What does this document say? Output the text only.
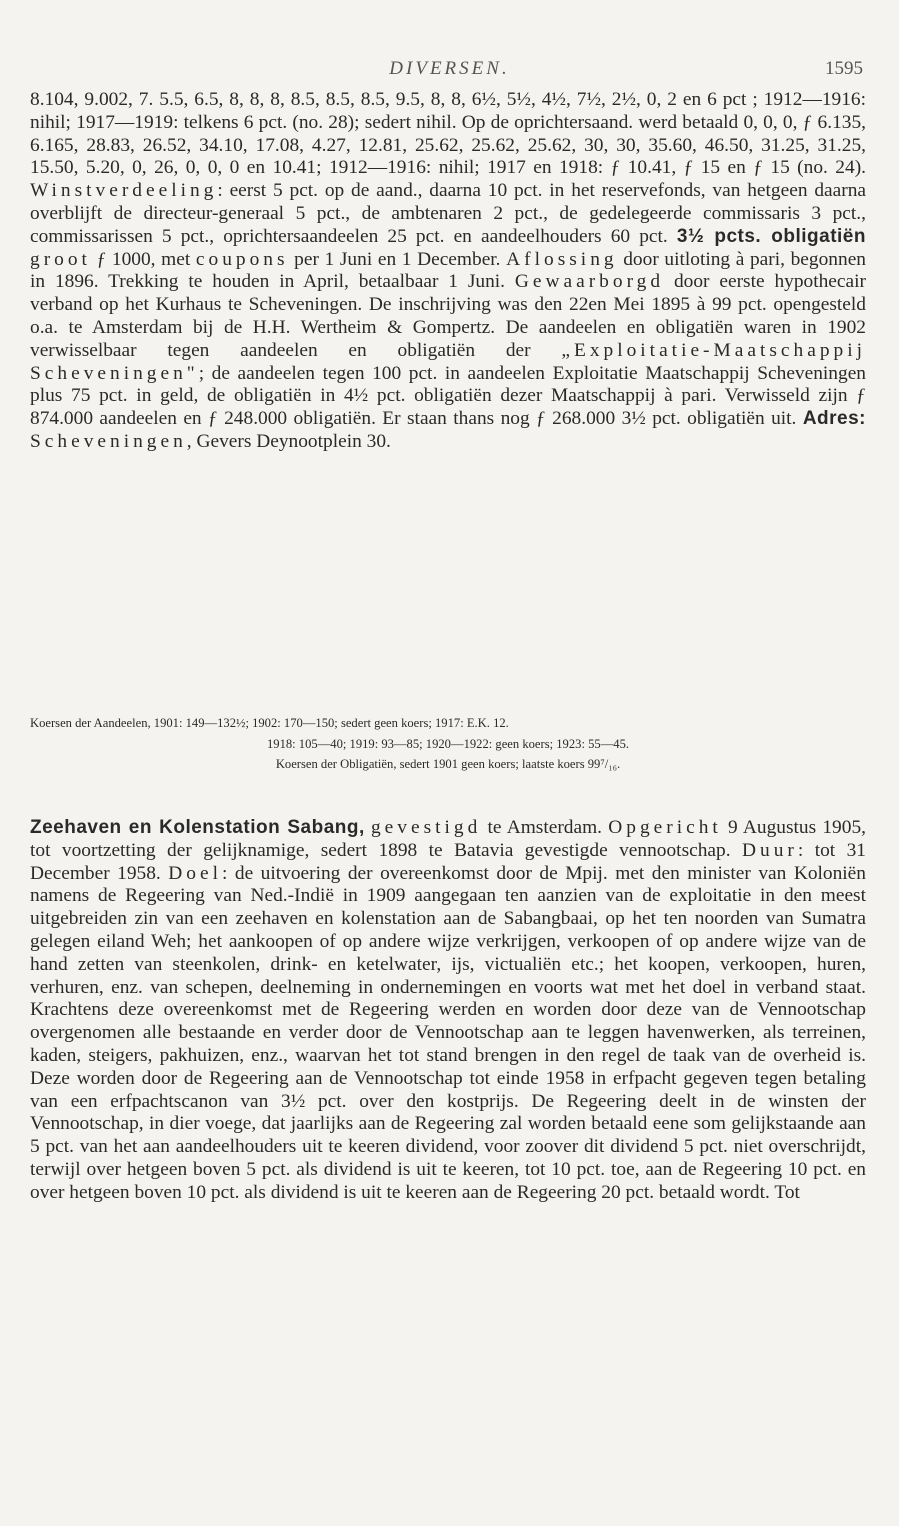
DIVERSEN.	1595

8.104, 9.002, 7. 5.5, 6.5, 8, 8, 8, 8.5, 8.5, 8.5, 9.5, 8, 8, 6½, 5½, 4½, 7½, 2½, 0, 2 en 6 pct ; 1912—1916: nihil; 1917—1919: telkens 6 pct. (no. 28); sedert nihil. Op de oprichtersaand. werd betaald 0, 0, 0, ƒ 6.135, 6.165, 28.83, 26.52, 34.10, 17.08, 4.27, 12.81, 25.62, 25.62, 25.62, 30, 30, 35.60, 46.50, 31.25, 31.25, 15.50, 5.20, 0, 26, 0, 0, 0 en 10.41; 1912—1916: nihil; 1917 en 1918: ƒ 10.41, ƒ 15 en ƒ 15 (no. 24). Winstverdeeling: eerst 5 pct. op de aand., daarna 10 pct. in het reservefonds, van hetgeen daarna overblijft de directeur-generaal 5 pct., de ambtenaren 2 pct., de gedelegeerde commissaris 3 pct., commissarissen 5 pct., oprichtersaandeelen 25 pct. en aandeelhouders 60 pct. 3½ pcts. obligatiën groot ƒ 1000, met coupons per 1 Juni en 1 December. Aflossing door uitloting à pari, begonnen in 1896. Trekking te houden in April, betaalbaar 1 Juni. Gewaarborgd door eerste hypothecair verband op het Kurhaus te Scheveningen. De inschrijving was den 22en Mei 1895 à 99 pct. opengesteld o.a. te Amsterdam bij de H.H. Wertheim & Gompertz. De aandeelen en obligatiën waren in 1902 verwisselbaar tegen aandeelen en obligatiën der „Exploitatie-Maatschappij Scheveningen"; de aandeelen tegen 100 pct. in aandeelen Exploitatie Maatschappij Scheveningen plus 75 pct. in geld, de obligatiën in 4½ pct. obligatiën dezer Maatschappij à pari. Verwisseld zijn ƒ 874.000 aandeelen en ƒ 248.000 obligatiën. Er staan thans nog ƒ 268.000 3½ pct. obligatiën uit. Adres: Scheveningen, Gevers Deynootplein 30.

Koersen der Aandeelen, 1901: 149—132½; 1902: 170—150; sedert geen koers; 1917: E.K. 12.

1918: 105—40; 1919: 93—85; 1920—1922: geen koers; 1923: 55—45.

Koersen der Obligatiën, sedert 1901 geen koers; laatste koers 99⁷/₁₆.

Zeehaven en Kolenstation Sabang, gevestigd te Amsterdam. Opgericht 9 Augustus 1905, tot voortzetting der gelijknamige, sedert 1898 te Batavia gevestigde vennootschap. Duur: tot 31 December 1958. Doel: de uitvoering der overeenkomst door de Mpij. met den minister van Koloniën namens de Regeering van Ned.-Indië in 1909 aangegaan ten aanzien van de exploitatie in den meest uitgebreiden zin van een zeehaven en kolenstation aan de Sabangbaai, op het ten noorden van Sumatra gelegen eiland Weh; het aankoopen of op andere wijze verkrijgen, verkoopen of op andere wijze van de hand zetten van steenkolen, drink- en ketelwater, ijs, victualiën etc.; het koopen, verkoopen, huren, verhuren, enz. van schepen, deelneming in ondernemingen en voorts wat met het doel in verband staat. Krachtens deze overeenkomst met de Regeering werden en worden door deze van de Vennootschap overgenomen alle bestaande en verder door de Vennootschap aan te leggen havenwerken, als terreinen, kaden, steigers, pakhuizen, enz., waarvan het tot stand brengen in den regel de taak van de overheid is. Deze worden door de Regeering aan de Vennootschap tot einde 1958 in erfpacht gegeven tegen betaling van een erfpachtscanon van 3½ pct. over den kostprijs. De Regeering deelt in de winsten der Vennootschap, in dier voege, dat jaarlijks aan de Regeering zal worden betaald eene som gelijkstaande aan 5 pct. van het aan aandeelhouders uit te keeren dividend, voor zoover dit dividend 5 pct. niet overschrijdt, terwijl over hetgeen boven 5 pct. als dividend is uit te keeren, tot 10 pct. toe, aan de Regeering 10 pct. en over hetgeen boven 10 pct. als dividend is uit te keeren aan de Regeering 20 pct. betaald wordt. Tot
